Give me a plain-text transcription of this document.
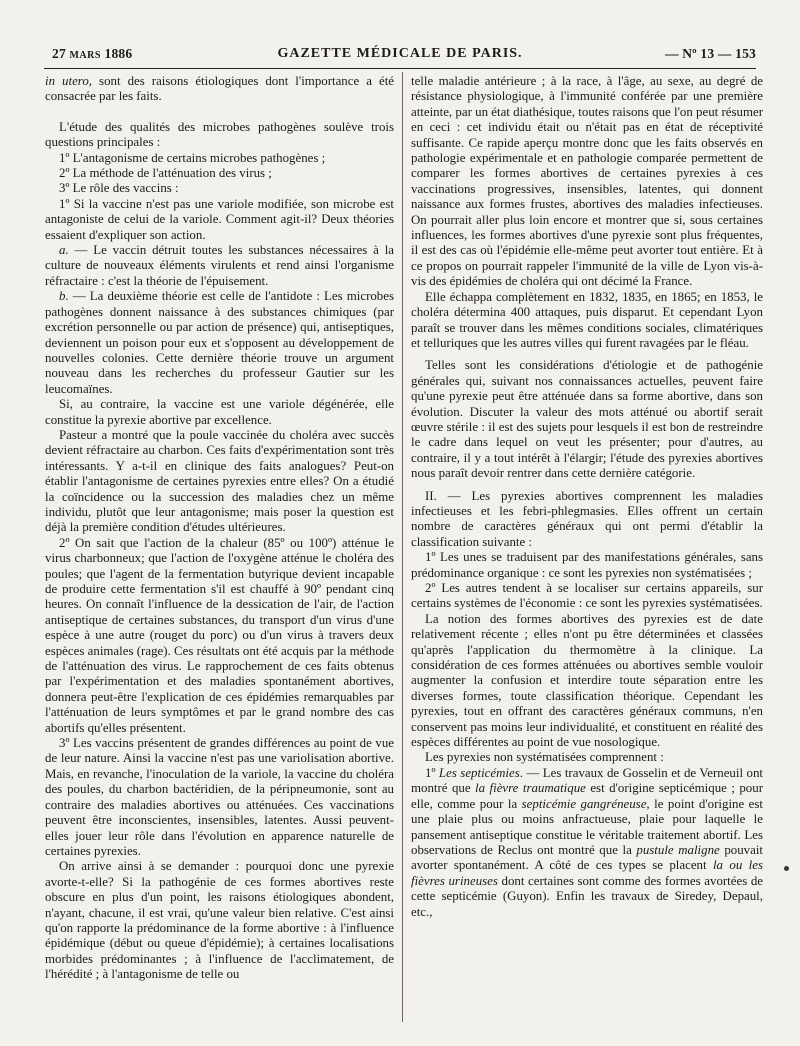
27 MARS 1886	GAZETTE MÉDICALE DE PARIS.	— Nº 13 — 153

in utero, sont des raisons étiologiques dont l'importance a été consacrée par les faits.

L'étude des qualités des microbes pathogènes soulève trois questions principales :

1º L'antagonisme de certains microbes pathogènes ;

2º La méthode de l'atténuation des virus ;

3º Le rôle des vaccins :

1º Si la vaccine n'est pas une variole modifiée, son microbe est antagoniste de celui de la variole. Comment agit-il? Deux théories essaient d'expliquer son action.

a. — Le vaccin détruit toutes les substances nécessaires à la culture de nouveaux éléments virulents et rend ainsi l'organisme réfractaire : c'est la théorie de l'épuisement.

b. — La deuxième théorie est celle de l'antidote : Les microbes pathogènes donnent naissance à des substances chimiques (par excrétion personnelle ou par action de présence) qui, antiseptiques, deviennent un poison pour eux et s'opposent au développement de nouvelles colonies. Cette dernière théorie trouve un argument nouveau dans les recherches du professeur Gautier sur les leucomaïnes.

Si, au contraire, la vaccine est une variole dégénérée, elle constitue la pyrexie abortive par excellence.

Pasteur a montré que la poule vaccinée du choléra avec succès devient réfractaire au charbon. Ces faits d'expérimentation sont très intéressants. Y a-t-il en clinique des faits analogues? Peut-on établir l'antagonisme de certaines pyrexies entre elles? On a étudié la coïncidence ou la succession des maladies chez un même individu, plutôt que leur antagonisme; mais poser la question est déjà la première condition d'études ultérieures.

2º On sait que l'action de la chaleur (85º ou 100º) atténue le virus charbonneux; que l'action de l'oxygène atténue le choléra des poules; que l'agent de la fermentation butyrique devient incapable de produire cette fermentation s'il est chauffé à 90º pendant cinq heures. On connaît l'influence de la dessication de l'air, de l'action antiseptique de certaines substances, du transport d'un virus d'une espèce à une autre (rouget du porc) ou d'un virus à travers deux espèces animales (rage). Ces résultats ont été acquis par la méthode de l'atténuation des virus. Le rapprochement de ces faits obtenus par l'expérimentation et des maladies spontanément abortives, donnera peut-être l'explication de ces épidémies remarquables par l'atténuation de leurs symptômes et par le grand nombre des cas abortifs qu'elles présentent.

3º Les vaccins présentent de grandes différences au point de vue de leur nature. Ainsi la vaccine n'est pas une variolisation abortive. Mais, en revanche, l'inoculation de la variole, la vaccine du choléra des poules, du charbon bactéridien, de la péripneumonie, sont au contraire des maladies abortives ou atténuées. Ces vaccinations peuvent être inconscientes, insensibles, latentes. Aussi peuvent-elles jouer leur rôle dans l'évolution en apparence naturelle de certaines pyrexies.

On arrive ainsi à se demander : pourquoi donc une pyrexie avorte-t-elle? Si la pathogénie de ces formes abortives reste obscure en plus d'un point, les raisons étiologiques abondent, n'ayant, chacune, il est vrai, qu'une valeur bien relative. C'est ainsi qu'on rapporte la prédominance de la forme abortive : à l'influence épidémique (début ou queue d'épidémie); à certaines localisations morbides prédominantes ; à l'influence de l'acclimatement, de l'hérédité ; à l'antagonisme de telle ou

telle maladie antérieure ; à la race, à l'âge, au sexe, au degré de résistance physiologique, à l'immunité conférée par une première atteinte, par un état diathésique, toutes raisons que l'on peut résumer en ceci : cet individu était ou n'était pas en état de réceptivité suffisante. Ce rapide aperçu montre donc que les faits observés en pathologie expérimentale et en pathologie comparée permettent de comparer les formes abortives de certaines pyrexies à ces vaccinations progressives, insensibles, latentes, qui donnent naissance aux formes frustes, abortives des maladies infectieuses. On pourrait aller plus loin encore et montrer que si, sous certaines influences, les formes abortives d'une pyrexie sont plus fréquentes, il est des cas où l'épidémie elle-même peut avorter tout entière. Et à ce propos on pourrait rappeler l'immunité de la ville de Lyon vis-à-vis des épidémies de choléra qui ont décimé la France.

Elle échappa complètement en 1832, 1835, en 1865; en 1853, le choléra détermina 400 attaques, puis disparut. Et cependant Lyon paraît se trouver dans les mêmes conditions sociales, climatériques et telluriques que les autres villes qui furent ravagées par le fléau.

Telles sont les considérations d'étiologie et de pathogénie générales qui, suivant nos connaissances actuelles, peuvent faire qu'une pyrexie peut être atténuée dans sa forme abortive, dans son évolution. Discuter la valeur des mots atténué ou abortif serait œuvre stérile : il est des sujets pour lesquels il est bon de restreindre le cadre dans lequel on veut les présenter; pour d'autres, au contraire, il y a tout intérêt à l'élargir; l'étude des pyrexies abortives nous paraît devoir rentrer dans cette dernière catégorie.

II. — Les pyrexies abortives comprennent les maladies infectieuses et les febri-phlegmasies. Elles offrent un certain nombre de caractères généraux qui ont permi d'établir la classification suivante :

1º Les unes se traduisent par des manifestations générales, sans prédominance organique : ce sont les pyrexies non systématisées ;

2º Les autres tendent à se localiser sur certains appareils, sur certains systèmes de l'économie : ce sont les pyrexies systématisées.

La notion des formes abortives des pyrexies est de date relativement récente ; elles n'ont pu être déterminées et classées qu'après l'application du thermomètre à la clinique. La considération de ces formes atténuées ou abortives semble vouloir augmenter la confusion et interdire toute séparation entre les diverses formes, toute classification théorique. Cependant les pyrexies, tout en offrant des caractères généraux communs, n'en conservent pas moins leur individualité, et constituent en réalité des espèces différentes au point de vue nosologique.

Les pyrexies non systématisées comprennent :

1º Les septicémies. — Les travaux de Gosselin et de Verneuil ont montré que la fièvre traumatique est d'origine septicémique ; pour elle, comme pour la septicémie gangréneuse, le point d'origine est une plaie plus ou moins anfractueuse, plaie pour laquelle le pansement antiseptique constitue le véritable traitement abortif. Les observations de Reclus ont montré que la pustule maligne pouvait avorter spontanément. A côté de ces types se placent la ou les fièvres urineuses dont certaines sont comme des formes avortées de cette septicémie (Guyon). Enfin les travaux de Siredey, Depaul, etc.,
